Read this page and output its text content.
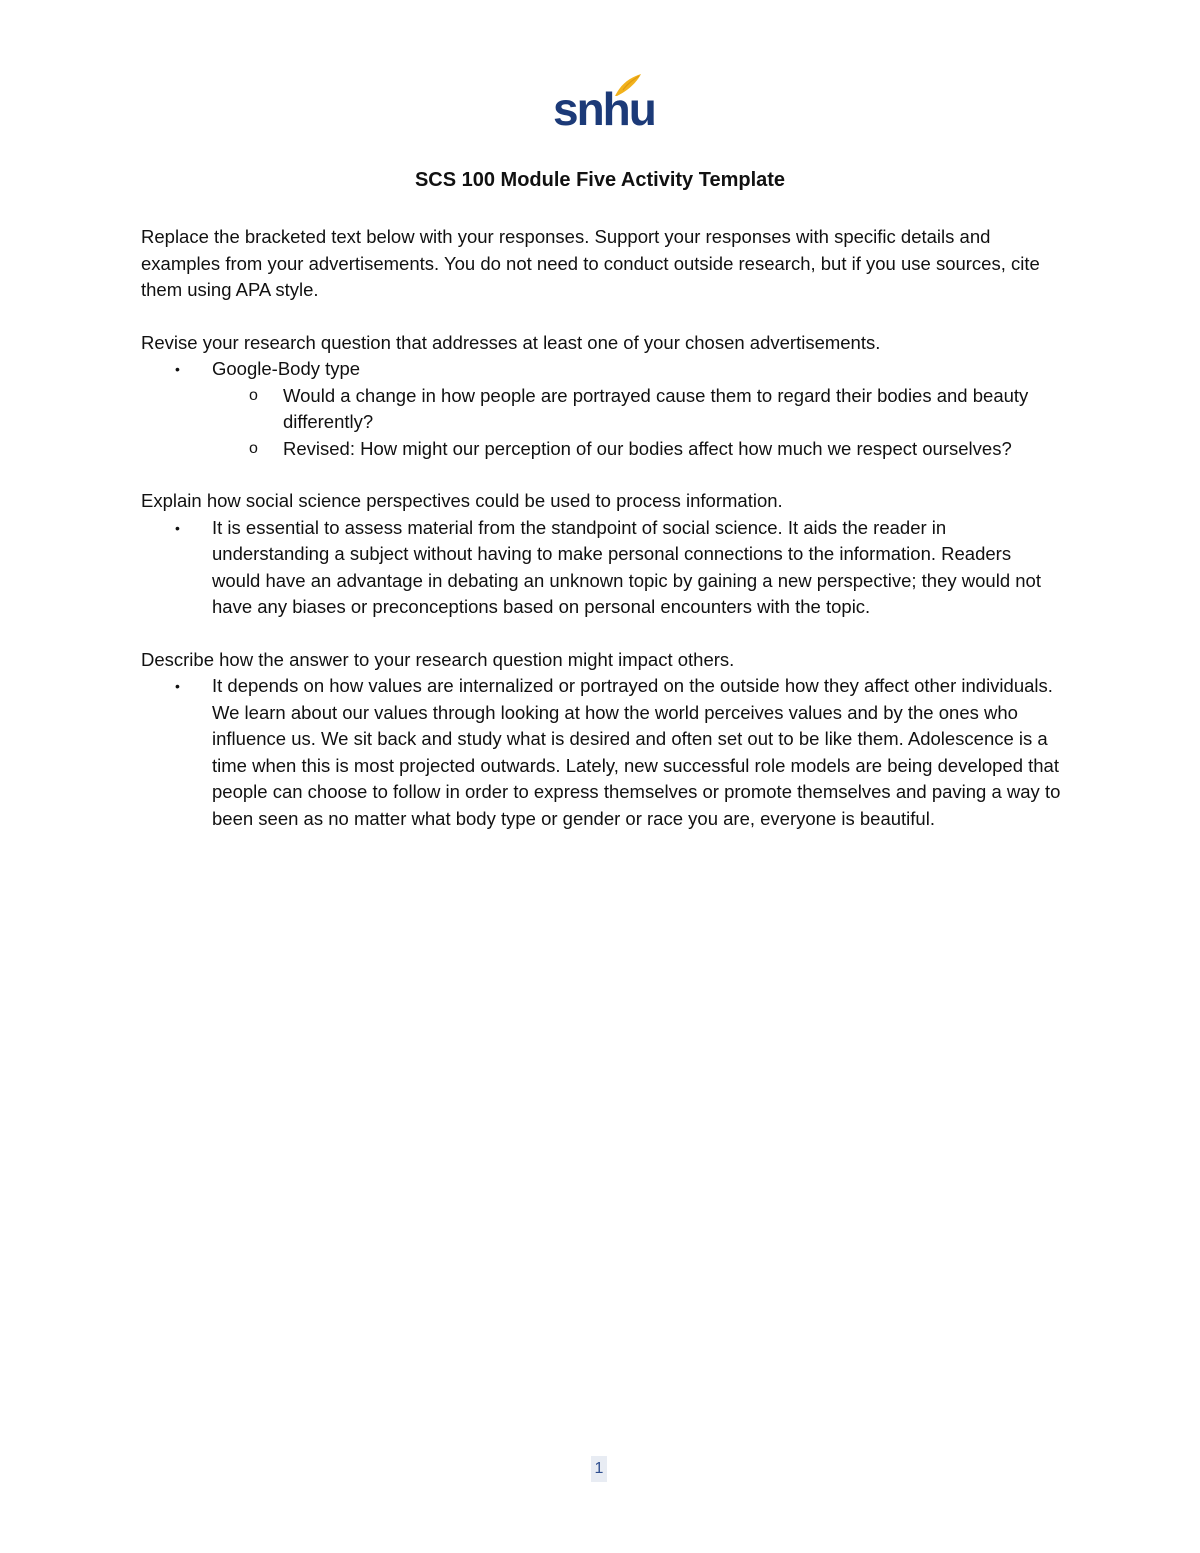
snhu
SCS 100 Module Five Activity Template

Replace the bracketed text below with your responses. Support your responses with specific details and examples from your advertisements. You do not need to conduct outside research, but if you use sources, cite them using APA style.

Revise your research question that addresses at least one of your chosen advertisements.

• Google-Body type
o Would a change in how people are portrayed cause them to regard their bodies and beauty differently?
o Revised: How might our perception of our bodies affect how much we respect ourselves?

Explain how social science perspectives could be used to process information.

• It is essential to assess material from the standpoint of social science. It aids the reader in understanding a subject without having to make personal connections to the information. Readers would have an advantage in debating an unknown topic by gaining a new perspective; they would not have any biases or preconceptions based on personal encounters with the topic.

Describe how the answer to your research question might impact others.

• It depends on how values are internalized or portrayed on the outside how they affect other individuals. We learn about our values through looking at how the world perceives values and by the ones who influence us. We sit back and study what is desired and often set out to be like them. Adolescence is a time when this is most projected outwards. Lately, new successful role models are being developed that people can choose to follow in order to express themselves or promote themselves and paving a way to been seen as no matter what body type or gender or race you are, everyone is beautiful.
1
